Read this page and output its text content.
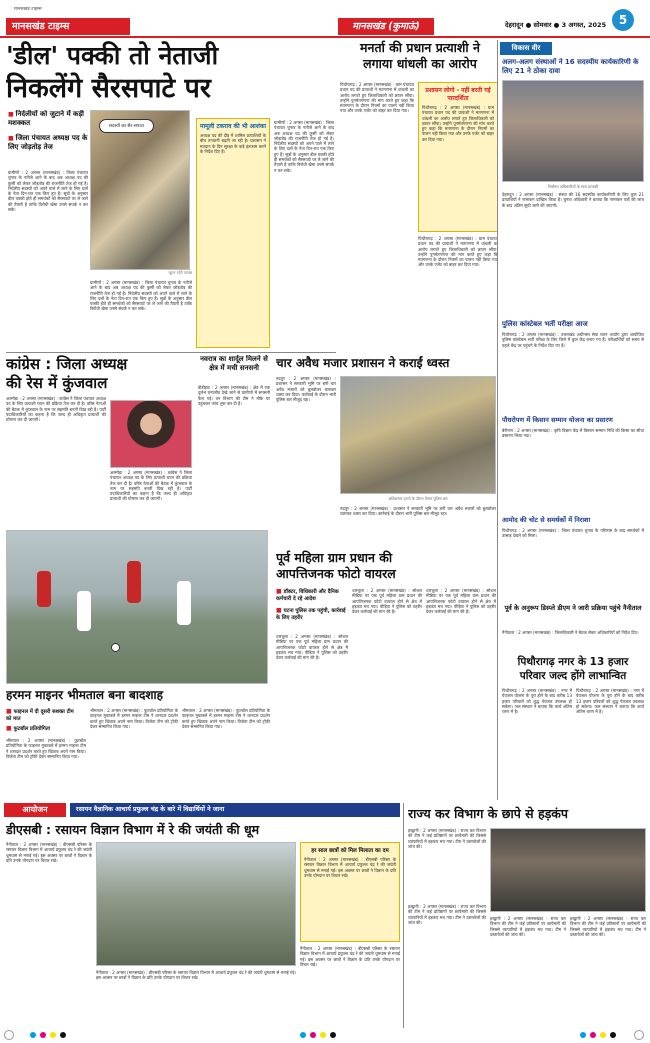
मानसखंड टाइम्स
मानसखंड टाइम्स	मानसखंड (कुमाऊं)	देहरादून ● सोमवार ● 3 अगस्त, 2025	5
'डील' पक्की तो नेताजी
निकलेंगे सैरसपाटे पर
■ निर्दलीयों को जुटाने में कड़ी मशक्कत
■ जिला पंचायत अध्यक्ष पद के लिए जोड़तोड़ तेज
ग्रामीणों : 2 अगस्त (मानसखंड) : जिला पंचायत चुनाव के नतीजे आने के बाद अब अध्यक्ष पद की कुर्सी को लेकर जोड़तोड़ की राजनीति तेज हो गई है। निर्दलीय सदस्यों को अपने पाले में लाने के लिए दलों के नेता दिन-रात एक किए हुए हैं। सूत्रों के अनुसार डील पक्की होते ही समर्थकों को सैरसपाटे पर ले जाने की तैयारी है ताकि विरोधी खेमा उनसे संपर्क न कर सके।
सदस्यों का सैर-सपाटा
'कूल' रहेंगे जनाब
ग्रामीणों : 2 अगस्त (मानसखंड) : जिला पंचायत चुनाव के नतीजे आने के बाद अब अध्यक्ष पद की कुर्सी को लेकर जोड़तोड़ की राजनीति तेज हो गई है। निर्दलीय सदस्यों को अपने पाले में लाने के लिए दलों के नेता दिन-रात एक किए हुए हैं। सूत्रों के अनुसार डील पक्की होते ही समर्थकों को सैरसपाटे पर ले जाने की तैयारी है ताकि विरोधी खेमा उनसे संपर्क न कर सके।
मामूली टकराव की भी आशंका
अध्यक्ष पद की दौड़ में शामिल प्रत्याशियों के बीच तनातनी बढ़ती जा रही है। प्रशासन ने मतदान के दिन सुरक्षा के कड़े इंतजाम करने के निर्देश दिए हैं।
ग्रामीणों : 2 अगस्त (मानसखंड) : जिला पंचायत चुनाव के नतीजे आने के बाद अब अध्यक्ष पद की कुर्सी को लेकर जोड़तोड़ की राजनीति तेज हो गई है। निर्दलीय सदस्यों को अपने पाले में लाने के लिए दलों के नेता दिन-रात एक किए हुए हैं। सूत्रों के अनुसार डील पक्की होते ही समर्थकों को सैरसपाटे पर ले जाने की तैयारी है ताकि विरोधी खेमा उनसे संपर्क न कर सके।
मनर्ता की प्रधान प्रत्याशी ने
लगाया धांधली का आरोप
पिथौरागढ़ : 2 अगस्त (मानसखंड) : ग्राम पंचायत प्रधान पद की प्रत्याशी ने मतगणना में धांधली का आरोप लगाते हुए जिलाधिकारी को ज्ञापन सौंपा। उन्होंने पुनर्मतगणना की मांग करते हुए कहा कि मतगणना के दौरान नियमों का पालन नहीं किया गया और उनके एजेंट को बाहर कर दिया गया।
प्रशासन लोगो - नहीं बरती गई पारदर्शिता
पिथौरागढ़ : 2 अगस्त (मानसखंड) : ग्राम पंचायत प्रधान पद की प्रत्याशी ने मतगणना में धांधली का आरोप लगाते हुए जिलाधिकारी को ज्ञापन सौंपा। उन्होंने पुनर्मतगणना की मांग करते हुए कहा कि मतगणना के दौरान नियमों का पालन नहीं किया गया और उनके एजेंट को बाहर कर दिया गया।
पिथौरागढ़ : 2 अगस्त (मानसखंड) : ग्राम पंचायत प्रधान पद की प्रत्याशी ने मतगणना में धांधली का आरोप लगाते हुए जिलाधिकारी को ज्ञापन सौंपा। उन्होंने पुनर्मतगणना की मांग करते हुए कहा कि मतगणना के दौरान नियमों का पालन नहीं किया गया और उनके एजेंट को बाहर कर दिया गया।
विकास वीर
अलग-अलग संस्थाओं ने 16 सदस्यीय कार्यकारिणी के लिए 21 ने ठोका दावा
निर्वाचन अधिकारियों के साथ प्रत्याशी
देहरादून : 2 अगस्त (मानसखंड) : संस्था की 16 सदस्यीय कार्यकारिणी के लिए कुल 21 प्रत्याशियों ने नामांकन दाखिल किया है। चुनाव अधिकारी ने बताया कि नामांकन पत्रों की जांच के बाद अंतिम सूची जारी की जाएगी।
पुलिस कांस्टेबल भर्ती परीक्षा आज
पिथौरागढ़ : 2 अगस्त (मानसखंड) : उत्तराखंड अधीनस्थ सेवा चयन आयोग द्वारा आयोजित पुलिस कांस्टेबल भर्ती परीक्षा के लिए जिले में कुल केंद्र बनाए गए हैं। परीक्षार्थियों को समय से पहले केंद्र पर पहुंचने के निर्देश दिए गए हैं।
पौधरोपण में किसान सम्मान योजना का प्रसारण
बेरीनाग : 2 अगस्त (मानसखंड) : कृषि विज्ञान केंद्र में किसान सम्मान निधि की किस्त का सीधा प्रसारण किया गया।
आमोद की चोट से समर्थकों में निराशा
पिथौरागढ़ : 2 अगस्त (मानसखंड) : जिला पंचायत चुनाव के परिणाम के बाद समर्थकों में उत्साह देखने को मिला।
कांग्रेस : जिला अध्यक्ष
की रेस में कुंजवाल
अल्मोड़ा : 2 अगस्त (मानसखंड) : कांग्रेस ने जिला पंचायत अध्यक्ष पद के लिए प्रत्याशी चयन की प्रक्रिया तेज कर दी है। वरिष्ठ नेताओं की बैठक में कुंजवाल के नाम पर सहमति बनती दिख रही है। पार्टी पदाधिकारियों का कहना है कि जल्द ही अधिकृत प्रत्याशी की घोषणा कर दी जाएगी।
अल्मोड़ा : 2 अगस्त (मानसखंड) : कांग्रेस ने जिला पंचायत अध्यक्ष पद के लिए प्रत्याशी चयन की प्रक्रिया तेज कर दी है। वरिष्ठ नेताओं की बैठक में कुंजवाल के नाम पर सहमति बनती दिख रही है। पार्टी पदाधिकारियों का कहना है कि जल्द ही अधिकृत प्रत्याशी की घोषणा कर दी जाएगी।
नवरात्र का शार्दूल मिलने से क्षेत्र में मची सनसनी
डीडीहाट : 2 अगस्त (मानसखंड) : क्षेत्र में एक दुर्लभ वन्यजीव देखे जाने से ग्रामीणों में सनसनी फैल गई। वन विभाग की टीम ने मौके पर पहुंचकर जांच शुरू कर दी है।
चार अवैध मजार प्रशासन ने कराईं ध्वस्त
रुद्रपुर : 2 अगस्त (मानसखंड) : प्रशासन ने सरकारी भूमि पर बनी चार अवैध मजारों को बुलडोजर चलाकर ध्वस्त कर दिया। कार्रवाई के दौरान भारी पुलिस बल मौजूद रहा।
अतिक्रमण हटाने के दौरान तैनात पुलिस बल
रुद्रपुर : 2 अगस्त (मानसखंड) : प्रशासन ने सरकारी भूमि पर बनी चार अवैध मजारों को बुलडोजर चलाकर ध्वस्त कर दिया। कार्रवाई के दौरान भारी पुलिस बल मौजूद रहा।
पूर्व महिला ग्राम प्रधान की
आपत्तिजनक फोटो वायरल
■ डॉक्टर, विधिकारी और दैनिक कर्मचारी दे रहे आदेश
■ घटना पुलिस तक पहुंची, कार्रवाई के लिए तहरीर
धारचूला : 2 अगस्त (मानसखंड) : सोशल मीडिया पर एक पूर्व महिला ग्राम प्रधान की आपत्तिजनक फोटो वायरल होने से क्षेत्र में हड़कंप मच गया। पीड़िता ने पुलिस को तहरीर देकर कार्रवाई की मांग की है।
धारचूला : 2 अगस्त (मानसखंड) : सोशल मीडिया पर एक पूर्व महिला ग्राम प्रधान की आपत्तिजनक फोटो वायरल होने से क्षेत्र में हड़कंप मच गया। पीड़िता ने पुलिस को तहरीर देकर कार्रवाई की मांग की है।
धारचूला : 2 अगस्त (मानसखंड) : सोशल मीडिया पर एक पूर्व महिला ग्राम प्रधान की आपत्तिजनक फोटो वायरल होने से क्षेत्र में हड़कंप मच गया। पीड़िता ने पुलिस को तहरीर देकर कार्रवाई की मांग की है।	पूर्व के अनुरूप डिस्प्ले डीएम ने जारी प्रक्रिया पहुंचे नैनीताल
नैनीताल : 2 अगस्त (मानसखंड) : जिलाधिकारी ने बैठक लेकर अधिकारियों को निर्देश दिए।
पिथौरागढ़ नगर के 13 हजार
परिवार जल्द होंगे लाभान्वित
पिथौरागढ़ : 2 अगस्त (मानसखंड) : नगर में पेयजल योजना के पूरा होने के बाद करीब 13 हजार परिवारों को शुद्ध पेयजल उपलब्ध हो सकेगा। जल संस्थान ने बताया कि कार्य अंतिम चरण में है।
पिथौरागढ़ : 2 अगस्त (मानसखंड) : नगर में पेयजल योजना के पूरा होने के बाद करीब 13 हजार परिवारों को शुद्ध पेयजल उपलब्ध हो सकेगा। जल संस्थान ने बताया कि कार्य अंतिम चरण में है।
हरमन माइनर भीमताल बना बादशाह
■ फाइनल में दी दूसरी सशक्त टीम को मात
■ फुटबॉल प्रतियोगिता
भीमताल : 2 अगस्त (मानसखंड) : फुटबॉल प्रतियोगिता के फाइनल मुकाबले में हरमन माइनर टीम ने शानदार प्रदर्शन करते हुए खिताब अपने नाम किया। विजेता टीम को ट्रॉफी देकर सम्मानित किया गया।
भीमताल : 2 अगस्त (मानसखंड) : फुटबॉल प्रतियोगिता के फाइनल मुकाबले में हरमन माइनर टीम ने शानदार प्रदर्शन करते हुए खिताब अपने नाम किया। विजेता टीम को ट्रॉफी देकर सम्मानित किया गया।
भीमताल : 2 अगस्त (मानसखंड) : फुटबॉल प्रतियोगिता के फाइनल मुकाबले में हरमन माइनर टीम ने शानदार प्रदर्शन करते हुए खिताब अपने नाम किया। विजेता टीम को ट्रॉफी देकर सम्मानित किया गया।
आयोजन	रसायन वैज्ञानिक आचार्य प्रफुल्ल चंद्र के बारे में विद्यार्थियों ने जाना
डीएसबी : रसायन विज्ञान विभाग में रे की जयंती की धूम
नैनीताल : 2 अगस्त (मानसखंड) : डीएसबी परिसर के रसायन विज्ञान विभाग में आचार्य प्रफुल्ल चंद्र रे की जयंती धूमधाम से मनाई गई। इस अवसर पर छात्रों ने विज्ञान के प्रति उनके योगदान पर विचार रखे।
नैनीताल : 2 अगस्त (मानसखंड) : डीएसबी परिसर के रसायन विज्ञान विभाग में आचार्य प्रफुल्ल चंद्र रे की जयंती धूमधाम से मनाई गई। इस अवसर पर छात्रों ने विज्ञान के प्रति उनके योगदान पर विचार रखे।
हर साल छात्रों को मिल मिलाता का दम
नैनीताल : 2 अगस्त (मानसखंड) : डीएसबी परिसर के रसायन विज्ञान विभाग में आचार्य प्रफुल्ल चंद्र रे की जयंती धूमधाम से मनाई गई। इस अवसर पर छात्रों ने विज्ञान के प्रति उनके योगदान पर विचार रखे।
नैनीताल : 2 अगस्त (मानसखंड) : डीएसबी परिसर के रसायन विज्ञान विभाग में आचार्य प्रफुल्ल चंद्र रे की जयंती धूमधाम से मनाई गई। इस अवसर पर छात्रों ने विज्ञान के प्रति उनके योगदान पर विचार रखे।
राज्य कर विभाग के छापे से हड़कंप
हल्द्वानी : 2 अगस्त (मानसखंड) : राज्य कर विभाग की टीम ने कई प्रतिष्ठानों पर छापेमारी की जिससे व्यापारियों में हड़कंप मच गया। टीम ने दस्तावेजों की जांच की।
हल्द्वानी : 2 अगस्त (मानसखंड) : राज्य कर विभाग की टीम ने कई प्रतिष्ठानों पर छापेमारी की जिससे व्यापारियों में हड़कंप मच गया। टीम ने दस्तावेजों की जांच की।
हल्द्वानी : 2 अगस्त (मानसखंड) : राज्य कर विभाग की टीम ने कई प्रतिष्ठानों पर छापेमारी की जिससे व्यापारियों में हड़कंप मच गया। टीम ने दस्तावेजों की जांच की।
हल्द्वानी : 2 अगस्त (मानसखंड) : राज्य कर विभाग की टीम ने कई प्रतिष्ठानों पर छापेमारी की जिससे व्यापारियों में हड़कंप मच गया। टीम ने दस्तावेजों की जांच की।
